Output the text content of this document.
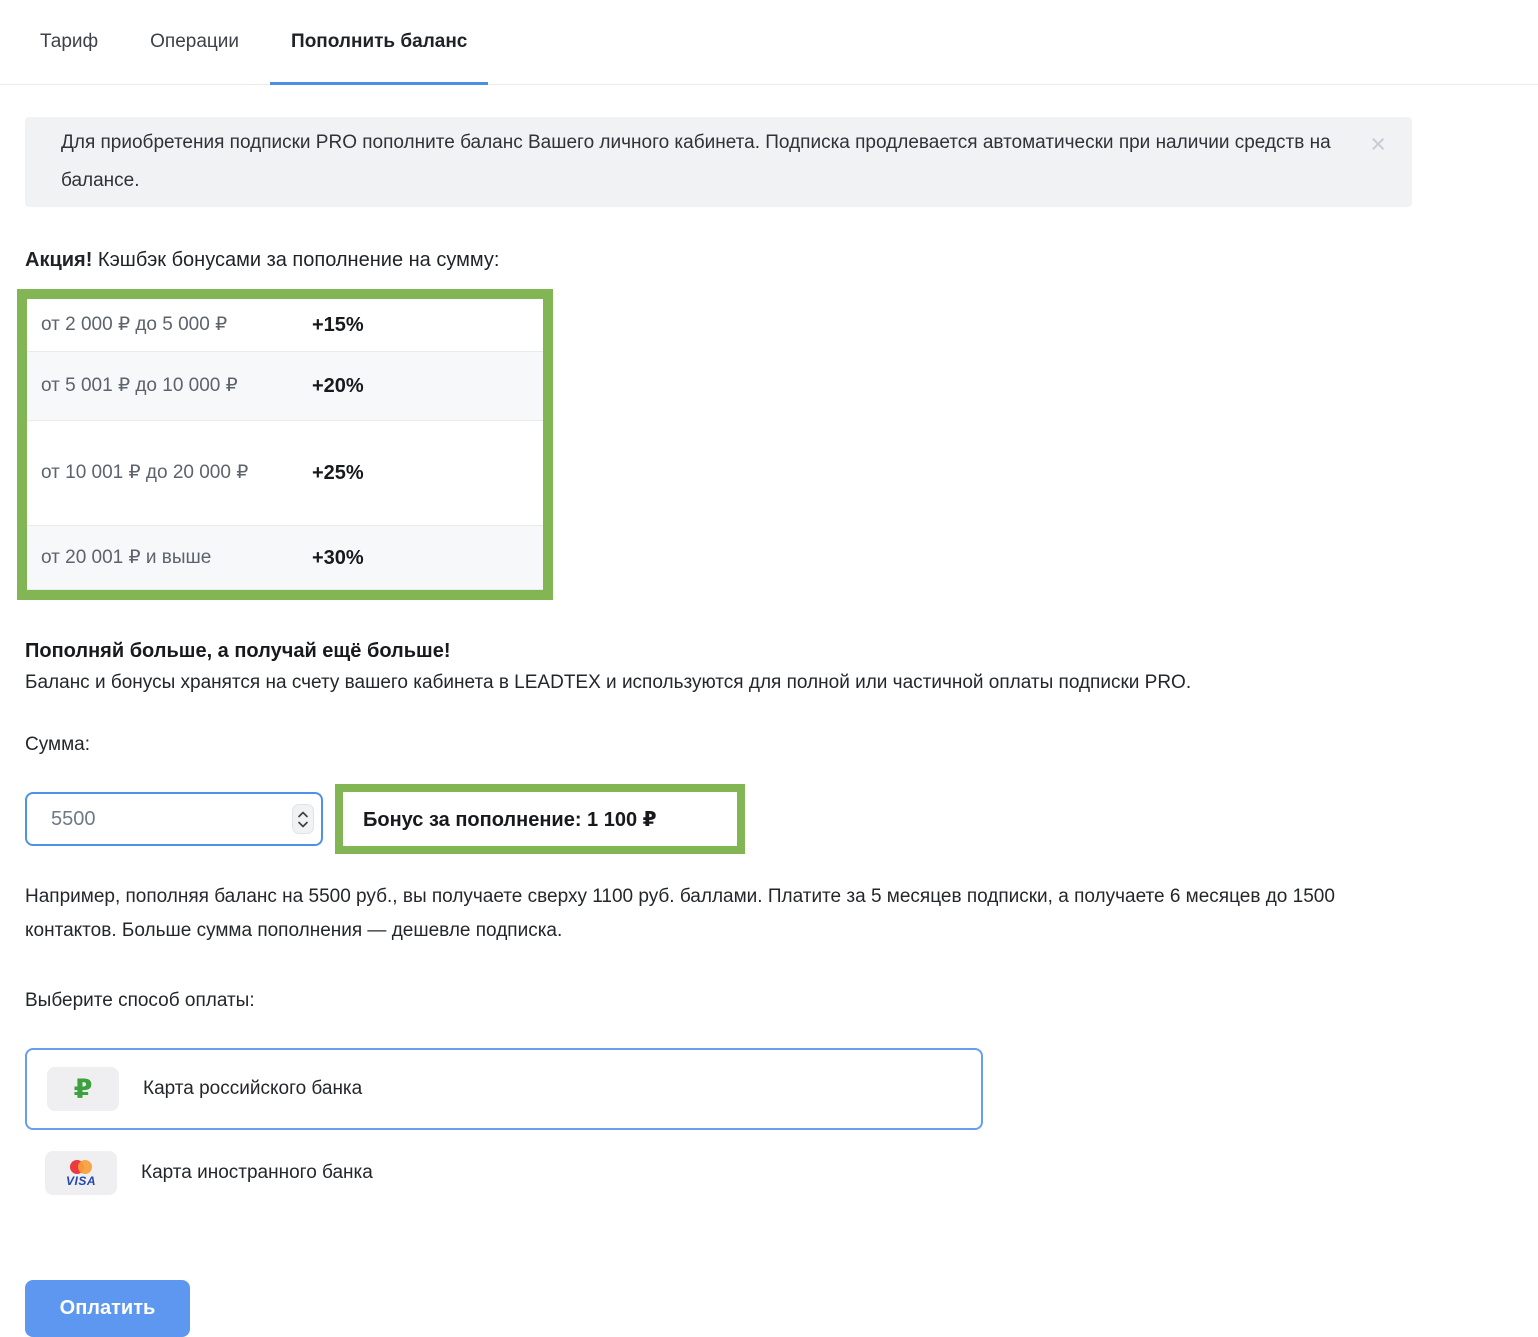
Тариф	Операции	Пополнить баланс
Для приобретения подписки PRO пополните баланс Вашего личного кабинета. Подписка продлевается автоматически при наличии средств на балансе.
×
Акция! Кэшбэк бонусами за пополнение на сумму:
от 2 000 ₽ до 5 000 ₽	+15%
от 5 001 ₽ до 10 000 ₽	+20%
от 10 001 ₽ до 20 000 ₽	+25%
от 20 001 ₽ и выше	+30%
Пополняй больше, а получай ещё больше!
Баланс и бонусы хранятся на счету вашего кабинета в LEADTEX и используются для полной или частичной оплаты подписки PRO.
Сумма:
5500
Бонус за пополнение: 1 100 ₽
Например, пополняя баланс на 5500 руб., вы получаете сверху 1100 руб. баллами. Платите за 5 месяцев подписки, а получаете 6 месяцев до 1500 контактов. Больше сумма пополнения — дешевле подписка.
Выберите способ оплаты:
₽	Карта российского банка
VISA Карта иностранного банка
Оплатить
